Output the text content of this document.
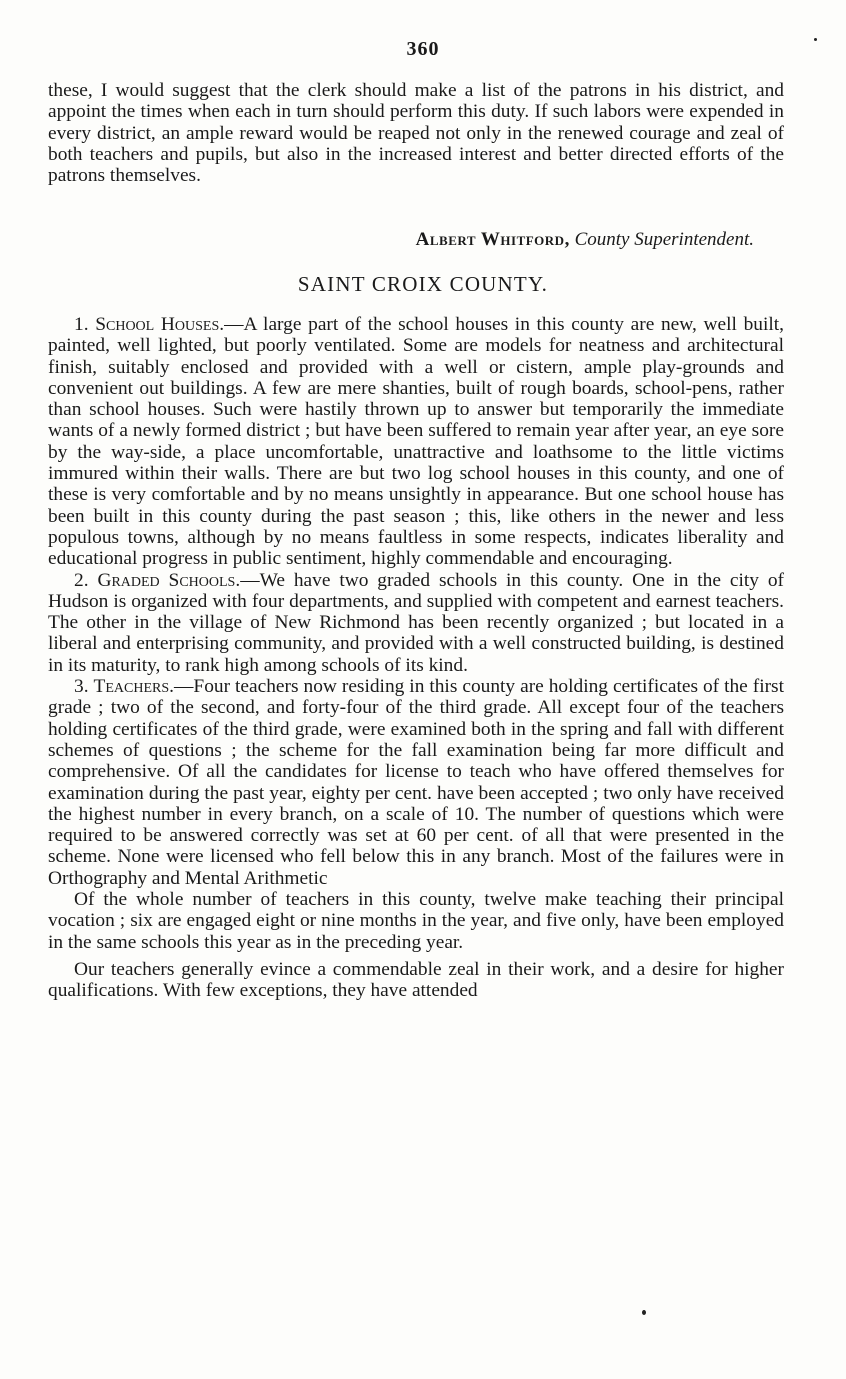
360

these, I would suggest that the clerk should make a list of the patrons in his district, and appoint the times when each in turn should perform this duty. If such labors were expended in every district, an ample reward would be reaped not only in the renewed courage and zeal of both teachers and pupils, but also in the increased interest and better directed efforts of the patrons themselves.

Albert Whitford, County Superintendent.
SAINT CROIX COUNTY.

1. School Houses.—A large part of the school houses in this county are new, well built, painted, well lighted, but poorly ventilated. Some are models for neatness and architectural finish, suitably enclosed and provided with a well or cistern, ample play-grounds and convenient out buildings. A few are mere shanties, built of rough boards, school-pens, rather than school houses. Such were hastily thrown up to answer but temporarily the immediate wants of a newly formed district ; but have been suffered to remain year after year, an eye sore by the way-side, a place uncomfortable, unattractive and loathsome to the little victims immured within their walls. There are but two log school houses in this county, and one of these is very comfortable and by no means unsightly in appearance. But one school house has been built in this county during the past season ; this, like others in the newer and less populous towns, although by no means faultless in some respects, indicates liberality and educational progress in public sentiment, highly commendable and encouraging.

2. Graded Schools.—We have two graded schools in this county. One in the city of Hudson is organized with four departments, and supplied with competent and earnest teachers. The other in the village of New Richmond has been recently organized ; but located in a liberal and enterprising community, and provided with a well constructed building, is destined in its maturity, to rank high among schools of its kind.

3. Teachers.—Four teachers now residing in this county are holding certificates of the first grade ; two of the second, and forty-four of the third grade. All except four of the teachers holding certificates of the third grade, were examined both in the spring and fall with different schemes of questions ; the scheme for the fall examination being far more difficult and comprehensive. Of all the candidates for license to teach who have offered themselves for examination during the past year, eighty per cent. have been accepted ; two only have received the highest number in every branch, on a scale of 10. The number of questions which were required to be answered correctly was set at 60 per cent. of all that were presented in the scheme. None were licensed who fell below this in any branch. Most of the failures were in Orthography and Mental Arithmetic

Of the whole number of teachers in this county, twelve make teaching their principal vocation ; six are engaged eight or nine months in the year, and five only, have been employed in the same schools this year as in the preceding year.

Our teachers generally evince a commendable zeal in their work, and a desire for higher qualifications. With few exceptions, they have attended
